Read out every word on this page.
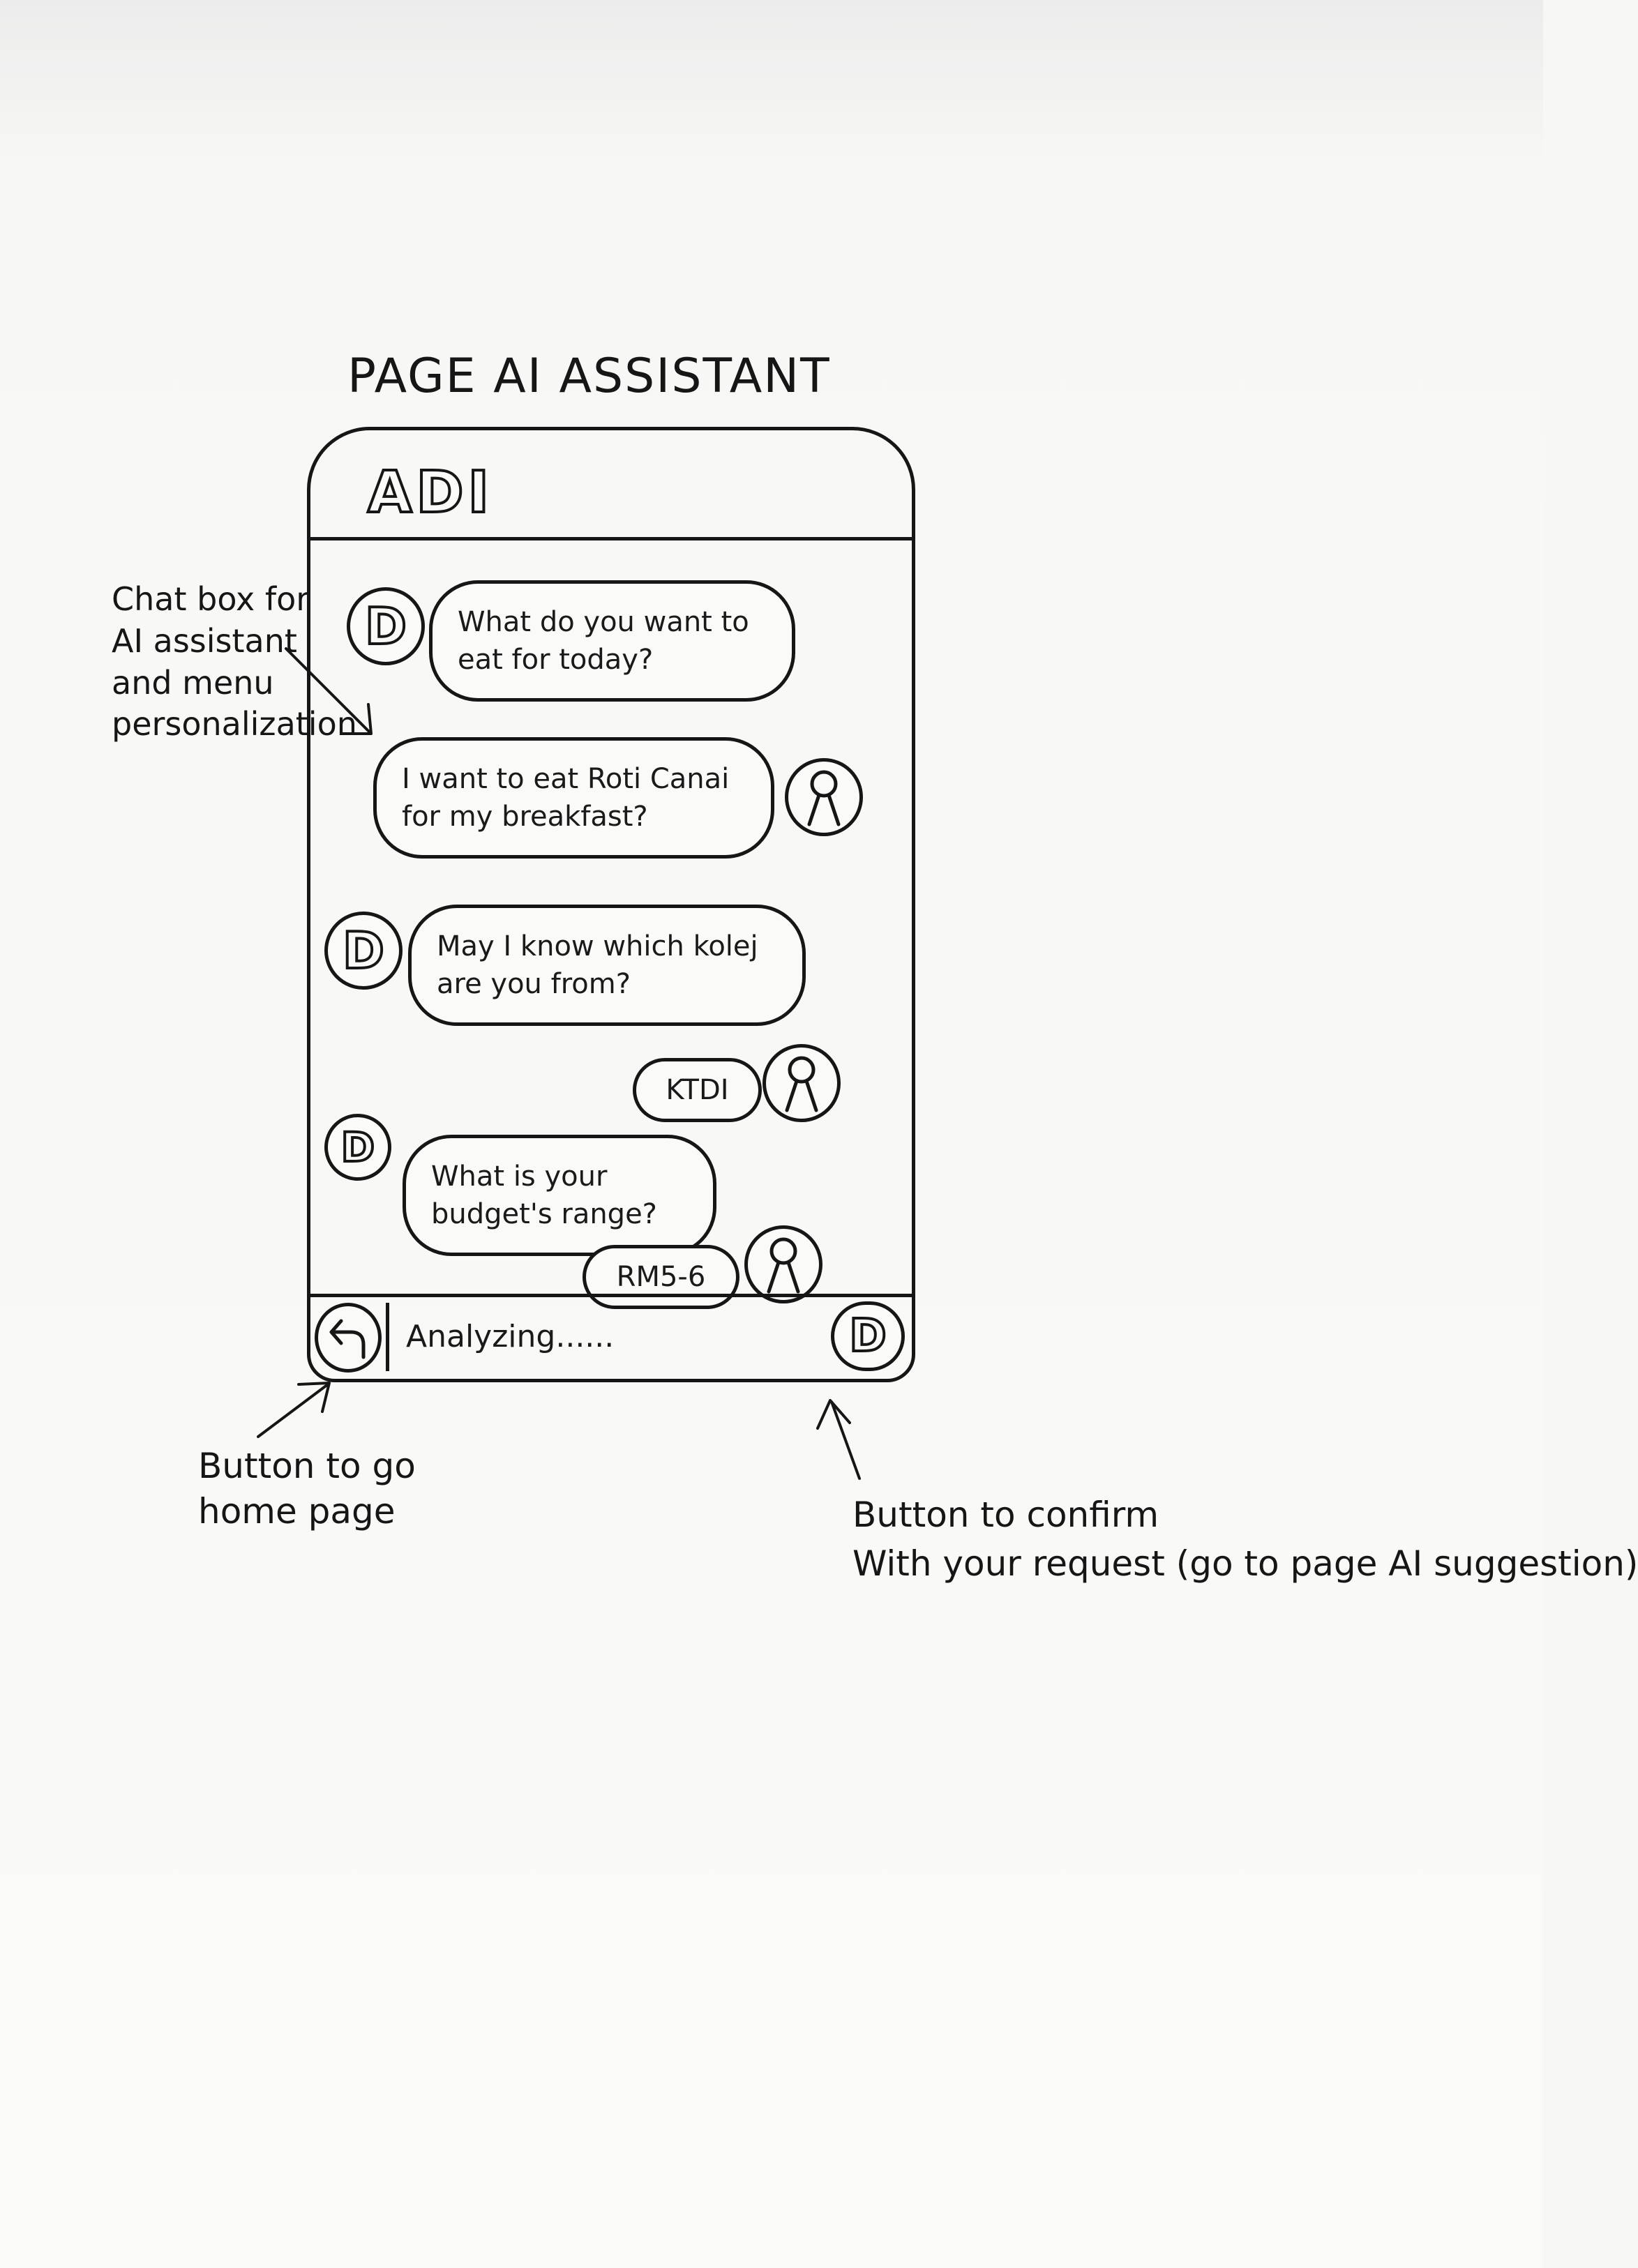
PAGE AI ASSISTANT
ADI
D	What do you want to eat for today?
I want to eat Roti Canai for my breakfast?
D	May I know which kolej are you from?
KTDI
D
What is your budget's range?
RM5-6
Analyzing......	D
Chat box for AI assistant and menu personalization
Button to go home page	Button to confirm
With your request (go to page AI suggestion)
